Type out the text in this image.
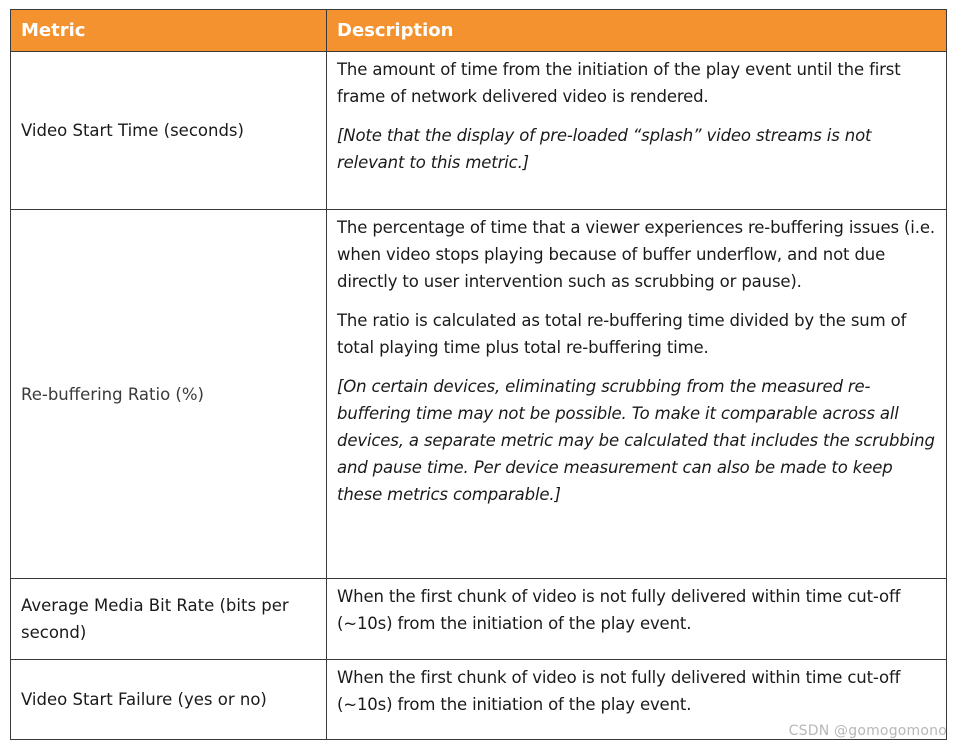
Metric	Description
Video Start Time (seconds)	The amount of time from the initiation of the play event until the first frame of network delivered video is rendered.

[Note that the display of pre-loaded “splash” video streams is not relevant to this metric.]

Re-buffering Ratio (%)	The percentage of time that a viewer experiences re-buffering issues (i.e. when video stops playing because of buffer underflow, and not due directly to user intervention such as scrubbing or pause).

The ratio is calculated as total re-buffering time divided by the sum of total playing time plus total re-buffering time.

[On certain devices, eliminating scrubbing from the measured re-buffering time may not be possible. To make it comparable across all devices, a separate metric may be calculated that includes the scrubbing and pause time. Per device measurement can also be made to keep these metrics comparable.]

Average Media Bit Rate (bits per second)	When the first chunk of video is not fully delivered within time cut-off (~10s) from the initiation of the play event.

Video Start Failure (yes or no)	When the first chunk of video is not fully delivered within time cut-off (~10s) from the initiation of the play event.

CSDN @gomogomono
